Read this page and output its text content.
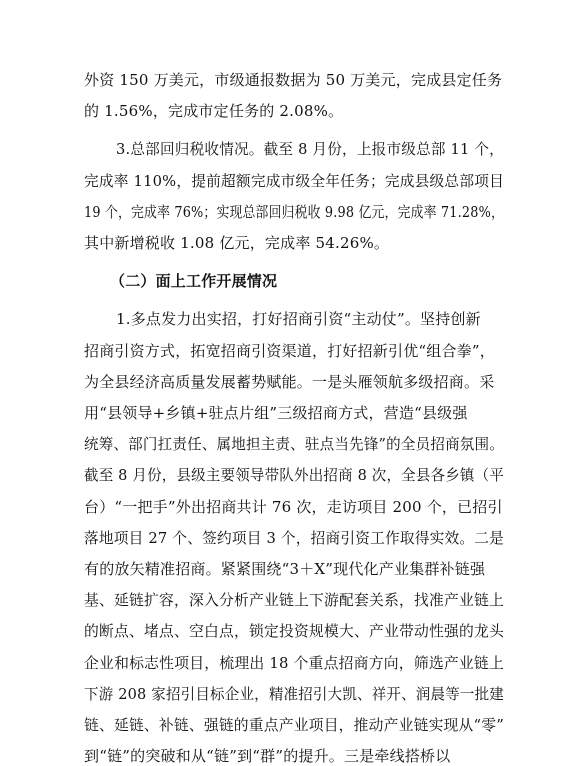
外资 150 万美元，市级通报数据为 50 万美元，完成县定任务
的 1.56%，完成市定任务的 2.08%。
3.总部回归税收情况。截至 8 月份，上报市级总部 11 个，
完成率 110%，提前超额完成市级全年任务；完成县级总部项目
19 个，完成率 76%；实现总部回归税收 9.98 亿元，完成率 71.28%，
其中新增税收 1.08 亿元，完成率 54.26%。
（二）面上工作开展情况
1.多点发力出实招，打好招商引资“主动仗”。坚持创新
招商引资方式，拓宽招商引资渠道，打好招新引优“组合拳”，
为全县经济高质量发展蓄势赋能。一是头雁领航多级招商。采
用“县领导+乡镇+驻点片组”三级招商方式，营造“县级强
统筹、部门扛责任、属地担主责、驻点当先锋”的全员招商氛围。
截至 8 月份，县级主要领导带队外出招商 8 次，全县各乡镇（平
台）“一把手”外出招商共计 76 次，走访项目 200 个，已招引
落地项目 27 个、签约项目 3 个，招商引资工作取得实效。二是
有的放矢精准招商。紧紧围绕“3＋X”现代化产业集群补链强
基、延链扩容，深入分析产业链上下游配套关系，找准产业链上
的断点、堵点、空白点，锁定投资规模大、产业带动性强的龙头
企业和标志性项目，梳理出 18 个重点招商方向，筛选产业链上
下游 208 家招引目标企业，精准招引大凯、祥开、润晨等一批建
链、延链、补链、强链的重点产业项目，推动产业链实现从“零”
到“链”的突破和从“链”到“群”的提升。三是牵线搭桥以
